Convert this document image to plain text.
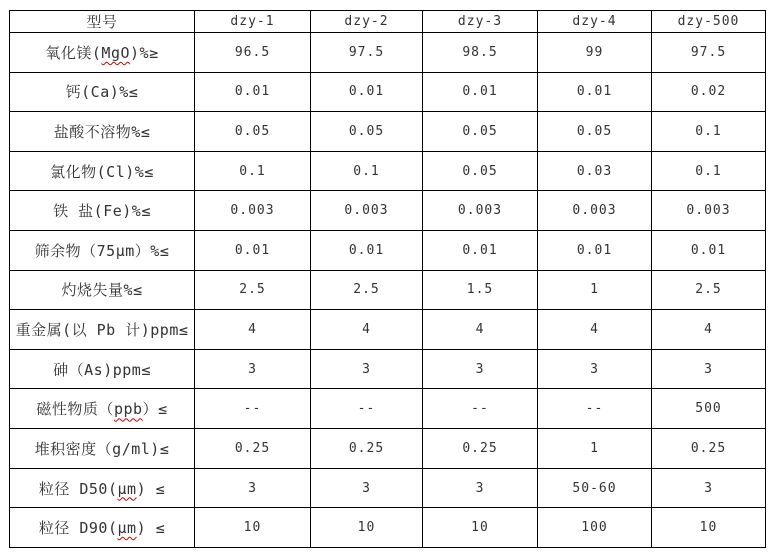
型号	dzy-1	dzy-2	dzy-3	dzy-4	dzy-500
氧化镁(MgO)%≥	96.5	97.5	98.5	99	97.5
钙(Ca)%≤	0.01	0.01	0.01	0.01	0.02
盐酸不溶物%≤	0.05	0.05	0.05	0.05	0.1
氯化物(Cl)%≤	0.1	0.1	0.05	0.03	0.1
铁 盐(Fe)%≤	0.003	0.003	0.003	0.003	0.003
筛余物（75μm）%≤	0.01	0.01	0.01	0.01	0.01
灼烧失量%≤	2.5	2.5	1.5	1	2.5
重金属(以 Pb 计)ppm≤	4	4	4	4	4
砷（As)ppm≤	3	3	3	3	3
磁性物质（ppb）≤	--	--	--	--	500
堆积密度（g/ml)≤	0.25	0.25	0.25	1	0.25
粒径 D50(μm) ≤	3	3	3	50-60	3
粒径 D90(μm) ≤	10	10	10	100	10
